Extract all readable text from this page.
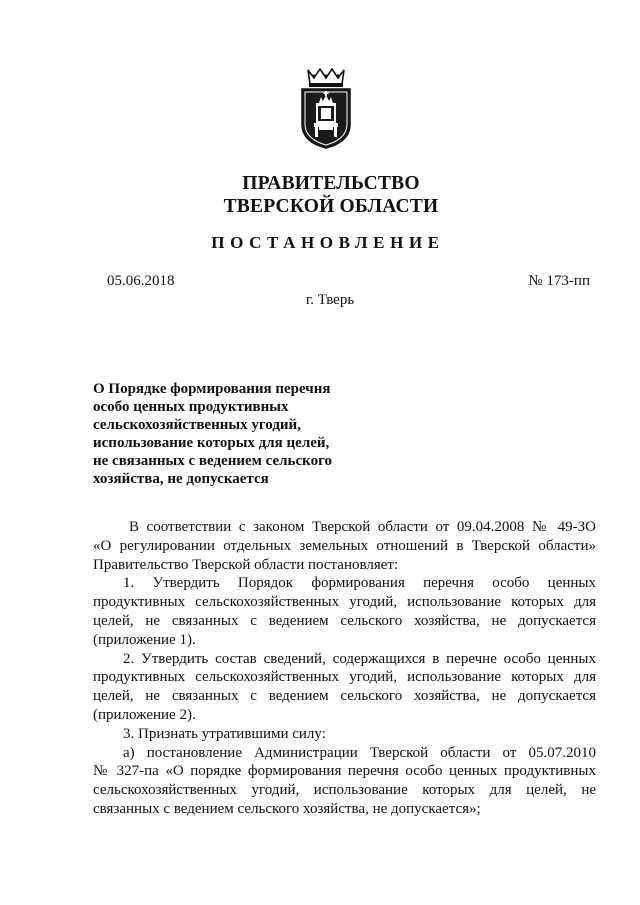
ПРАВИТЕЛЬСТВО
ТВЕРСКОЙ ОБЛАСТИ
ПОСТАНОВЛЕНИЕ
05.06.2018	№ 173-пп
г. Тверь
О Порядке формирования перечня
особо ценных продуктивных
сельскохозяйственных угодий,
использование которых для целей,
не связанных с ведением сельского
хозяйства, не допускается
В соответствии с законом Тверской области от 09.04.2008 № 49-ЗО
«О регулировании отдельных земельных отношений в Тверской области»
Правительство Тверской области постановляет:
1. Утвердить Порядок формирования перечня особо ценных
продуктивных сельскохозяйственных угодий, использование которых для
целей, не связанных с ведением сельского хозяйства, не допускается
(приложение 1).
2. Утвердить состав сведений, содержащихся в перечне особо ценных
продуктивных сельскохозяйственных угодий, использование которых для
целей, не связанных с ведением сельского хозяйства, не допускается
(приложение 2).
3. Признать утратившими силу:
а) постановление Администрации Тверской области от 05.07.2010
№ 327-па «О порядке формирования перечня особо ценных продуктивных
сельскохозяйственных угодий, использование которых для целей, не
связанных с ведением сельского хозяйства, не допускается»;
